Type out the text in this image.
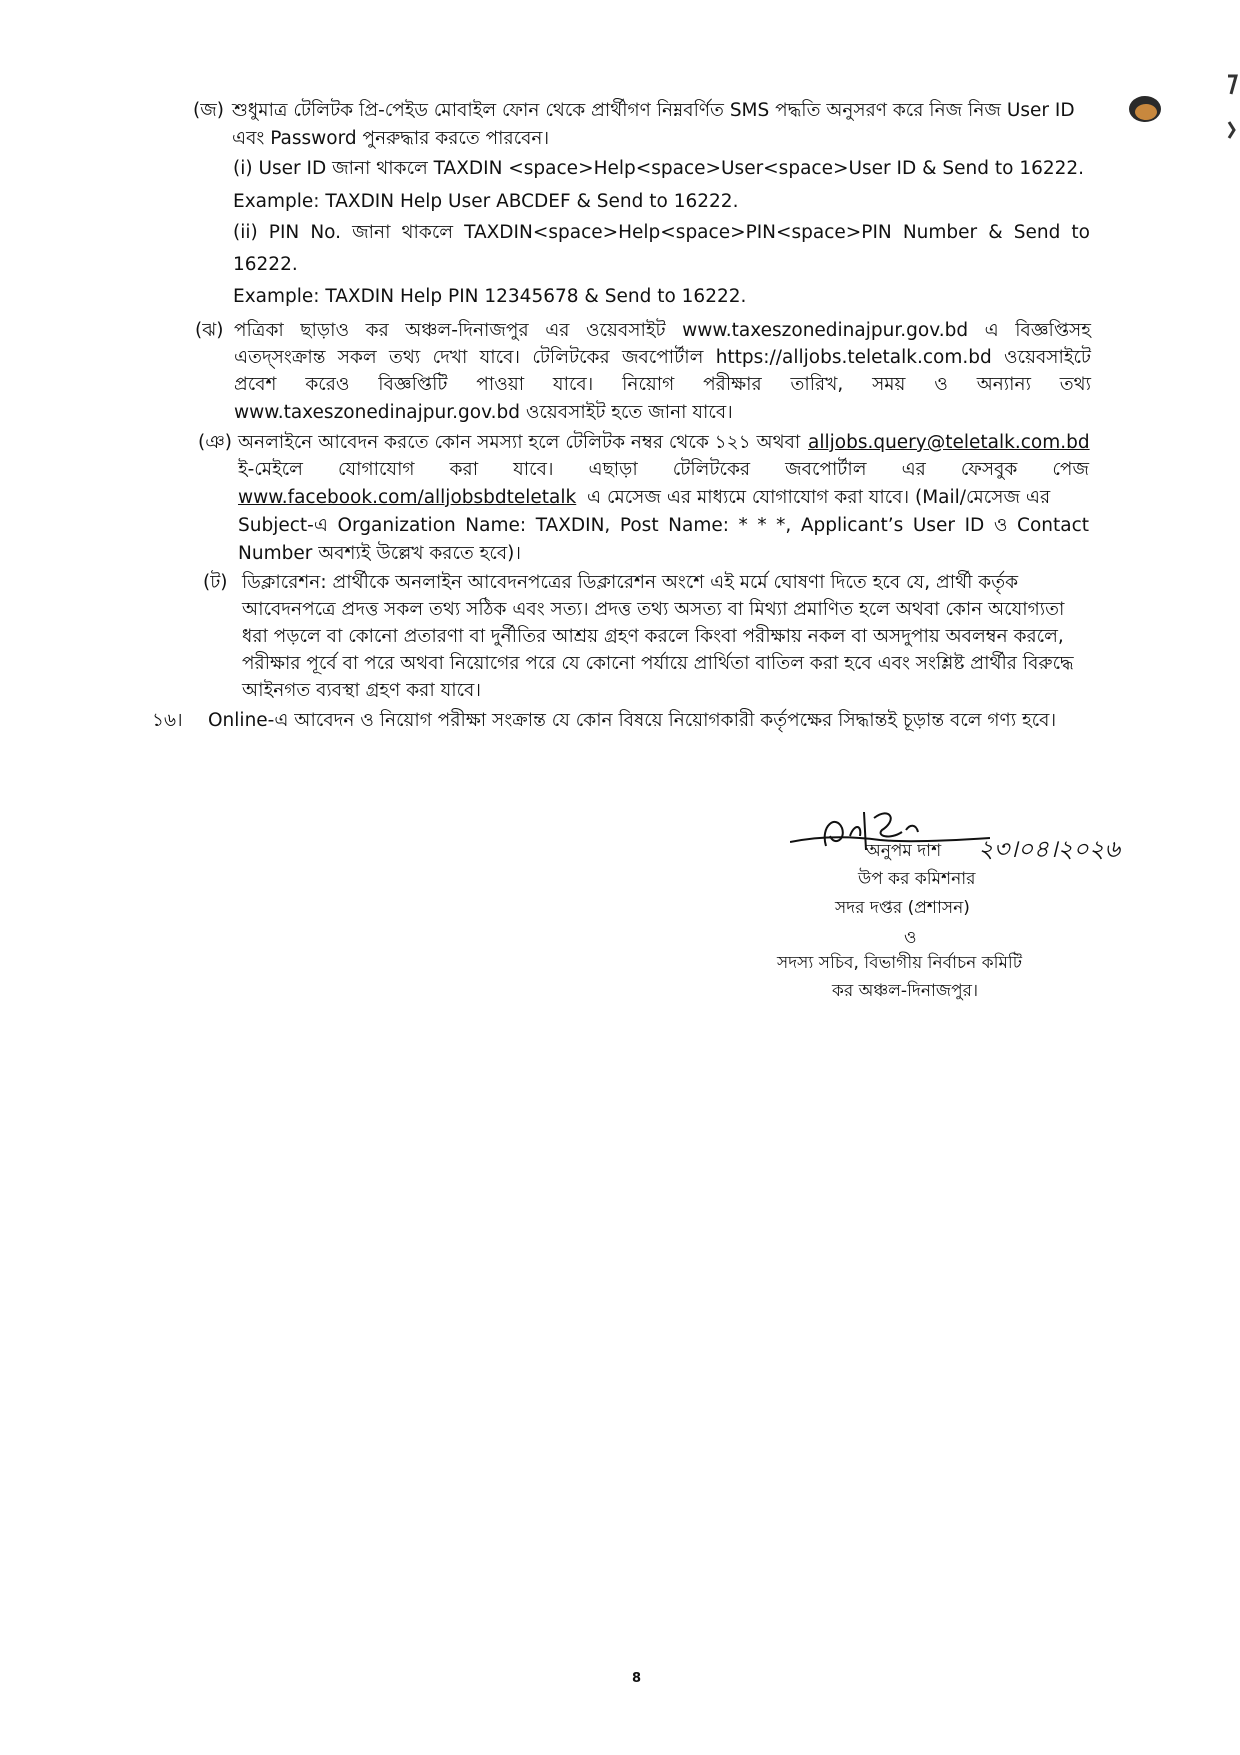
(জ) শুধুমাত্র টেলিটক প্রি-পেইড মোবাইল ফোন থেকে প্রার্থীগণ নিম্নবর্ণিত SMS পদ্ধতি অনুসরণ করে নিজ নিজ User ID
এবং Password পুনরুদ্ধার করতে পারবেন।
(i) User ID জানা থাকলে TAXDIN <space>Help<space>User<space>User ID & Send to 16222.
Example: TAXDIN Help User ABCDEF & Send to 16222.
(ii) PIN No. জানা থাকলে TAXDIN<space>Help<space>PIN<space>PIN Number & Send to
16222.
Example: TAXDIN Help PIN 12345678 & Send to 16222.
(ঝ) পত্রিকা ছাড়াও কর অঞ্চল-দিনাজপুর এর ওয়েবসাইট www.taxeszonedinajpur.gov.bd এ বিজ্ঞপ্তিসহ
এতদ্‌সংক্রান্ত সকল তথ্য দেখা যাবে। টেলিটকের জবপোর্টাল https://alljobs.teletalk.com.bd ওয়েবসাইটে
প্রবেশ করেও বিজ্ঞপ্তিটি পাওয়া যাবে। নিয়োগ পরীক্ষার তারিখ, সময় ও অন্যান্য তথ্য
www.taxeszonedinajpur.gov.bd ওয়েবসাইট হতে জানা যাবে।
(ঞ) অনলাইনে আবেদন করতে কোন সমস্যা হলে টেলিটক নম্বর থেকে ১২১ অথবা alljobs.query@teletalk.com.bd
ই-মেইলে যোগাযোগ করা যাবে। এছাড়া টেলিটকের জবপোর্টাল এর ফেসবুক পেজ
www.facebook.com/alljobsbdteletalk এ মেসেজ এর মাধ্যমে যোগাযোগ করা যাবে। (Mail/মেসেজ এর
Subject-এ Organization Name: TAXDIN, Post Name: * * *, Applicant’s User ID ও Contact
Number অবশ্যই উল্লেখ করতে হবে)।
(ট) ডিক্লারেশন: প্রার্থীকে অনলাইন আবেদনপত্রের ডিক্লারেশন অংশে এই মর্মে ঘোষণা দিতে হবে যে, প্রার্থী কর্তৃক
আবেদনপত্রে প্রদত্ত সকল তথ্য সঠিক এবং সত্য। প্রদত্ত তথ্য অসত্য বা মিথ্যা প্রমাণিত হলে অথবা কোন অযোগ্যতা
ধরা পড়লে বা কোনো প্রতারণা বা দুর্নীতির আশ্রয় গ্রহণ করলে কিংবা পরীক্ষায় নকল বা অসদুপায় অবলম্বন করলে,
পরীক্ষার পূর্বে বা পরে অথবা নিয়োগের পরে যে কোনো পর্যায়ে প্রার্থিতা বাতিল করা হবে এবং সংশ্লিষ্ট প্রার্থীর বিরুদ্ধে
আইনগত ব্যবস্থা গ্রহণ করা যাবে।
১৬। Online-এ আবেদন ও নিয়োগ পরীক্ষা সংক্রান্ত যে কোন বিষয়ে নিয়োগকারী কর্তৃপক্ষের সিদ্ধান্তই চূড়ান্ত বলে গণ্য হবে।
২৩।০৪।২০২৬
অনুপম দাশ
উপ কর কমিশনার
সদর দপ্তর (প্রশাসন)
ও
সদস্য সচিব, বিভাগীয় নির্বাচন কমিটি
কর অঞ্চল-দিনাজপুর।
8
